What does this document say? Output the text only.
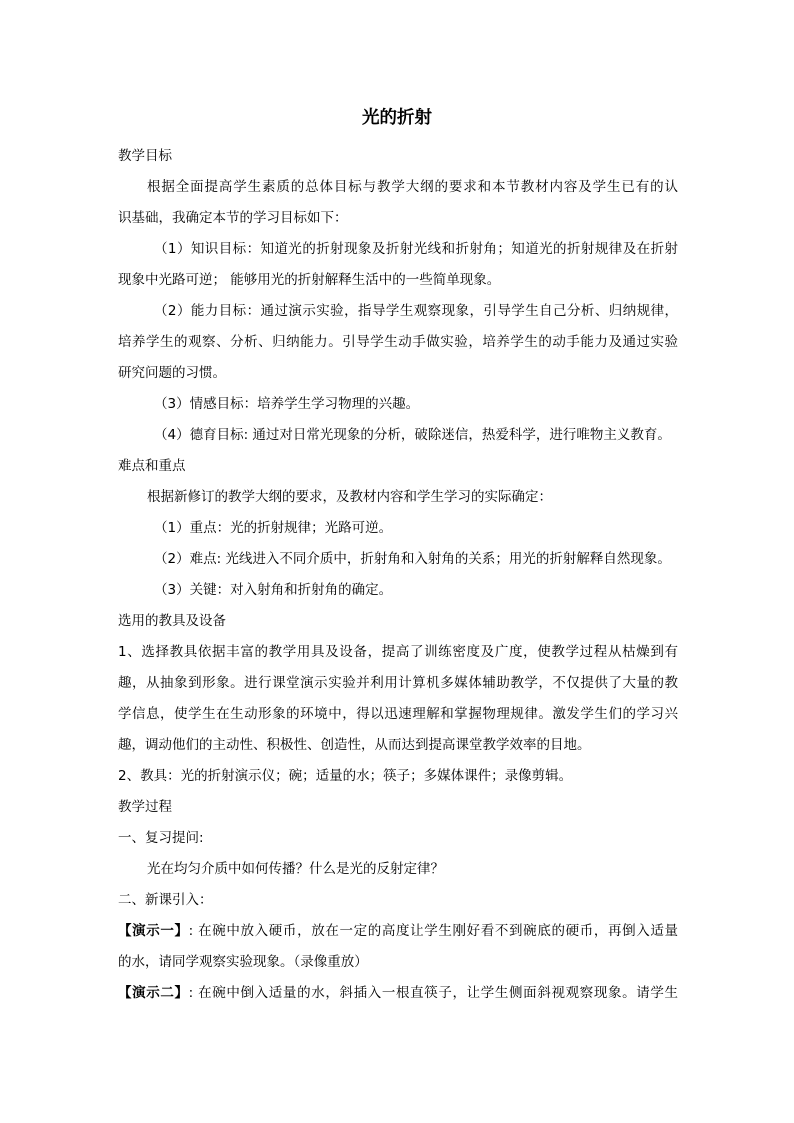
光的折射
教学目标
根据全面提高学生素质的总体目标与教学大纲的要求和本节教材内容及学生已有的认
识基础，我确定本节的学习目标如下：
（1）知识目标：知道光的折射现象及折射光线和折射角；知道光的折射规律及在折射
现象中光路可逆； 能够用光的折射解释生活中的一些简单现象。
（2）能力目标：通过演示实验，指导学生观察现象，引导学生自己分析、归纳规律，
培养学生的观察、分析、归纳能力。引导学生动手做实验，培养学生的动手能力及通过实验
研究问题的习惯。
（3）情感目标：培养学生学习物理的兴趣。
（4）德育目标: 通过对日常光现象的分析，破除迷信，热爱科学，进行唯物主义教育。
难点和重点
根据新修订的教学大纲的要求，及教材内容和学生学习的实际确定：
（1）重点：光的折射规律；光路可逆。
（2）难点: 光线进入不同介质中，折射角和入射角的关系；用光的折射解释自然现象。
（3）关键：对入射角和折射角的确定。
选用的教具及设备
1、选择教具依据丰富的教学用具及设备，提高了训练密度及广度，使教学过程从枯燥到有
趣，从抽象到形象。进行课堂演示实验并利用计算机多媒体辅助教学，不仅提供了大量的教
学信息，使学生在生动形象的环境中，得以迅速理解和掌握物理规律。激发学生们的学习兴
趣，调动他们的主动性、积极性、创造性，从而达到提高课堂教学效率的目地。
2、教具：光的折射演示仪；碗；适量的水；筷子；多媒体课件；录像剪辑。
教学过程
一、复习提问:
光在均匀介质中如何传播？什么是光的反射定律？
二、新课引入：
【演示一】: 在碗中放入硬币，放在一定的高度让学生刚好看不到碗底的硬币，再倒入适量
的水，请同学观察实验现象。（录像重放）
【演示二】: 在碗中倒入适量的水，斜插入一根直筷子，让学生侧面斜视观察现象。请学生
